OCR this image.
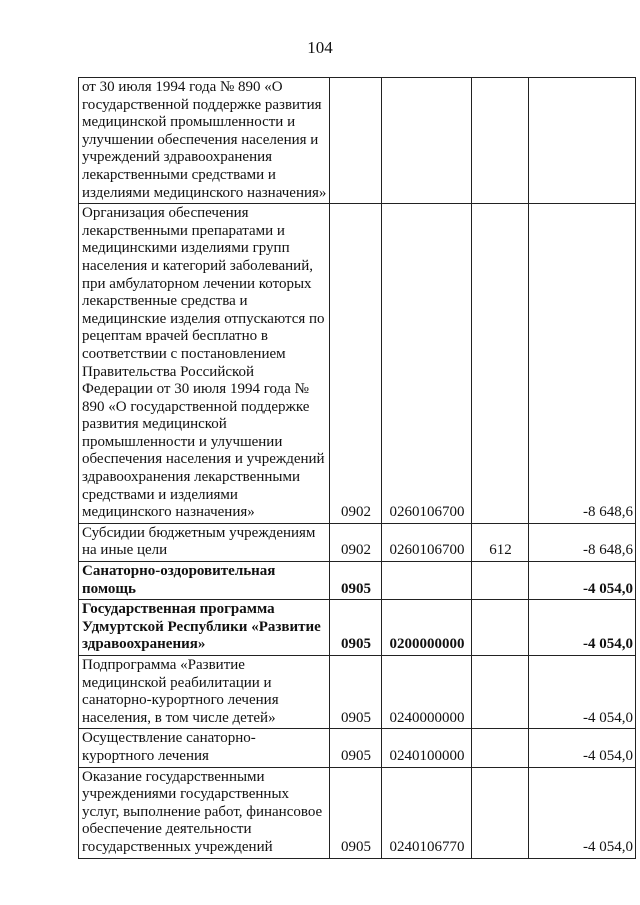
104
от 30 июля 1994 года № 890 «О государственной поддержке развития медицинской промышленности и улучшении обеспечения населения и учреждений здравоохранения лекарственными средствами и изделиями медицинского назначения»				
Организация обеспечения лекарственными препаратами и медицинскими изделиями групп населения и категорий заболеваний, при амбулаторном лечении которых лекарственные средства и медицинские изделия отпускаются по рецептам врачей бесплатно в соответствии с постановлением Правительства Российской Федерации от 30 июля 1994 года № 890 «О государственной поддержке развития медицинской промышленности и улучшении обеспечения населения и учреждений здравоохранения лекарственными средствами и изделиями медицинского назначения»	0902	0260106700		-8 648,6
Субсидии бюджетным учреждениям на иные цели	0902	0260106700	612	-8 648,6
Санаторно-оздоровительная помощь	0905			-4 054,0
Государственная программа Удмуртской Республики «Развитие здравоохранения»	0905	0200000000		-4 054,0
Подпрограмма «Развитие медицинской реабилитации и санаторно-курортного лечения населения, в том числе детей»	0905	0240000000		-4 054,0
Осуществление санаторно-курортного лечения	0905	0240100000		-4 054,0
Оказание государственными учреждениями государственных услуг, выполнение работ, финансовое обеспечение деятельности государственных учреждений	0905	0240106770		-4 054,0
